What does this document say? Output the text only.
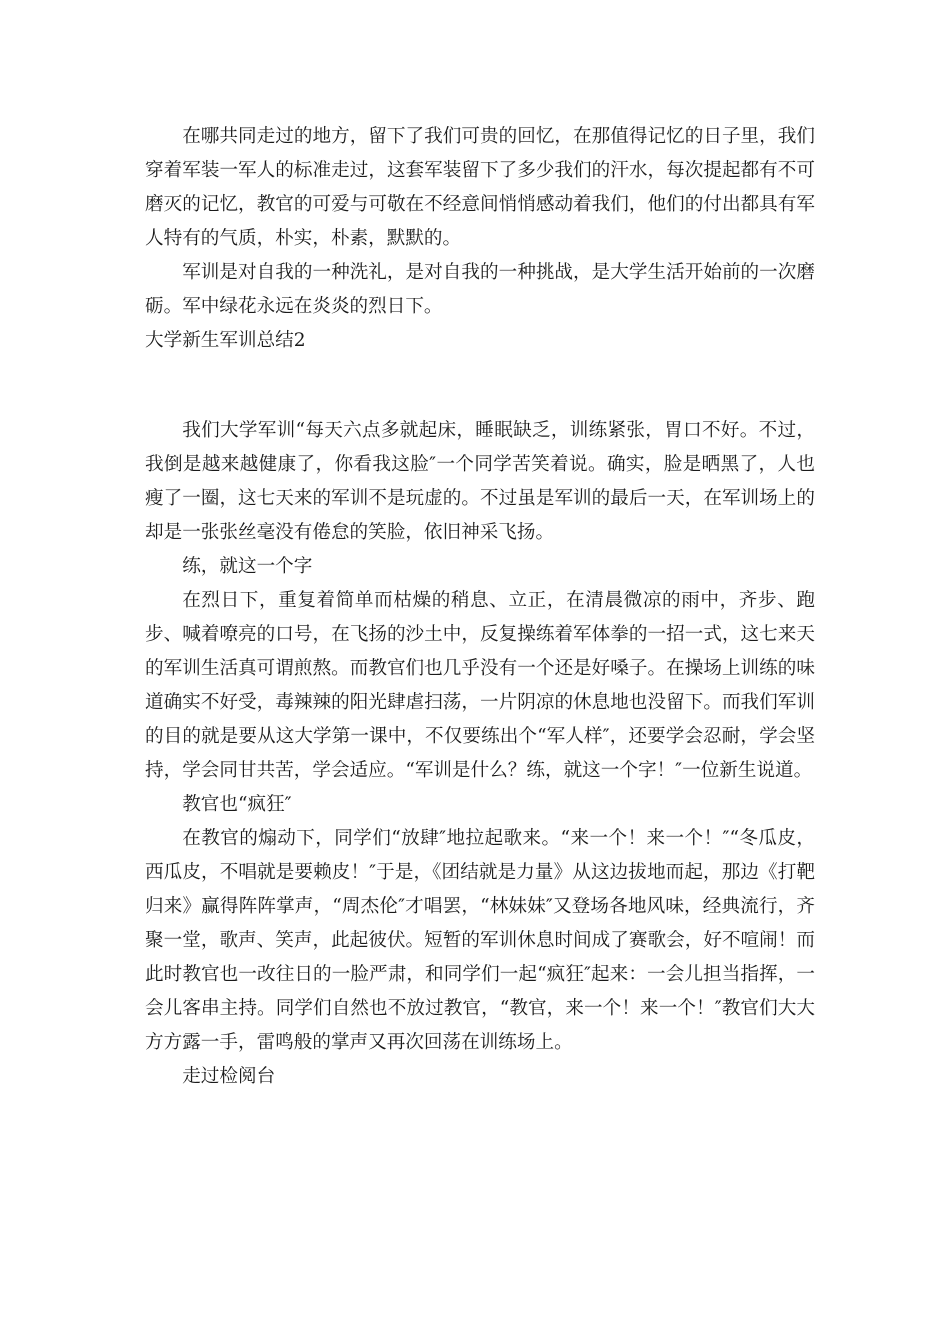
在哪共同走过的地方，留下了我们可贵的回忆，在那值得记忆的日子里，我们穿着军装一军人的标准走过，这套军装留下了多少我们的汗水，每次提起都有不可磨灭的记忆，教官的可爱与可敬在不经意间悄悄感动着我们，他们的付出都具有军人特有的气质，朴实，朴素，默默的。

军训是对自我的一种洗礼，是对自我的一种挑战，是大学生活开始前的一次磨砺。军中绿花永远在炎炎的烈日下。

大学新生军训总结2

我们大学军训“每天六点多就起床，睡眠缺乏，训练紧张，胃口不好。不过，我倒是越来越健康了，你看我这脸″一个同学苦笑着说。确实，脸是晒黑了，人也瘦了一圈，这七天来的军训不是玩虚的。不过虽是军训的最后一天，在军训场上的却是一张张丝毫没有倦怠的笑脸，依旧神采飞扬。

练，就这一个字

在烈日下，重复着简单而枯燥的稍息、立正，在清晨微凉的雨中，齐步、跑步、喊着嘹亮的口号，在飞扬的沙土中，反复操练着军体拳的一招一式，这七来天的军训生活真可谓煎熬。而教官们也几乎没有一个还是好嗓子。在操场上训练的味道确实不好受，毒辣辣的阳光肆虐扫荡，一片阴凉的休息地也没留下。而我们军训的目的就是要从这大学第一课中，不仅要练出个“军人样″，还要学会忍耐，学会坚持，学会同甘共苦，学会适应。“军训是什么？练，就这一个字！″一位新生说道。

教官也“疯狂″

在教官的煽动下，同学们“放肆″地拉起歌来。“来一个！来一个！″“冬瓜皮，西瓜皮，不唱就是要赖皮！″于是，《团结就是力量》从这边拔地而起，那边《打靶归来》赢得阵阵掌声，“周杰伦″才唱罢，“林妹妹″又登场各地风味，经典流行，齐聚一堂，歌声、笑声，此起彼伏。短暂的军训休息时间成了赛歌会，好不喧闹！而此时教官也一改往日的一脸严肃，和同学们一起“疯狂″起来：一会儿担当指挥，一会儿客串主持。同学们自然也不放过教官，“教官，来一个！来一个！″教官们大大方方露一手，雷鸣般的掌声又再次回荡在训练场上。

走过检阅台
